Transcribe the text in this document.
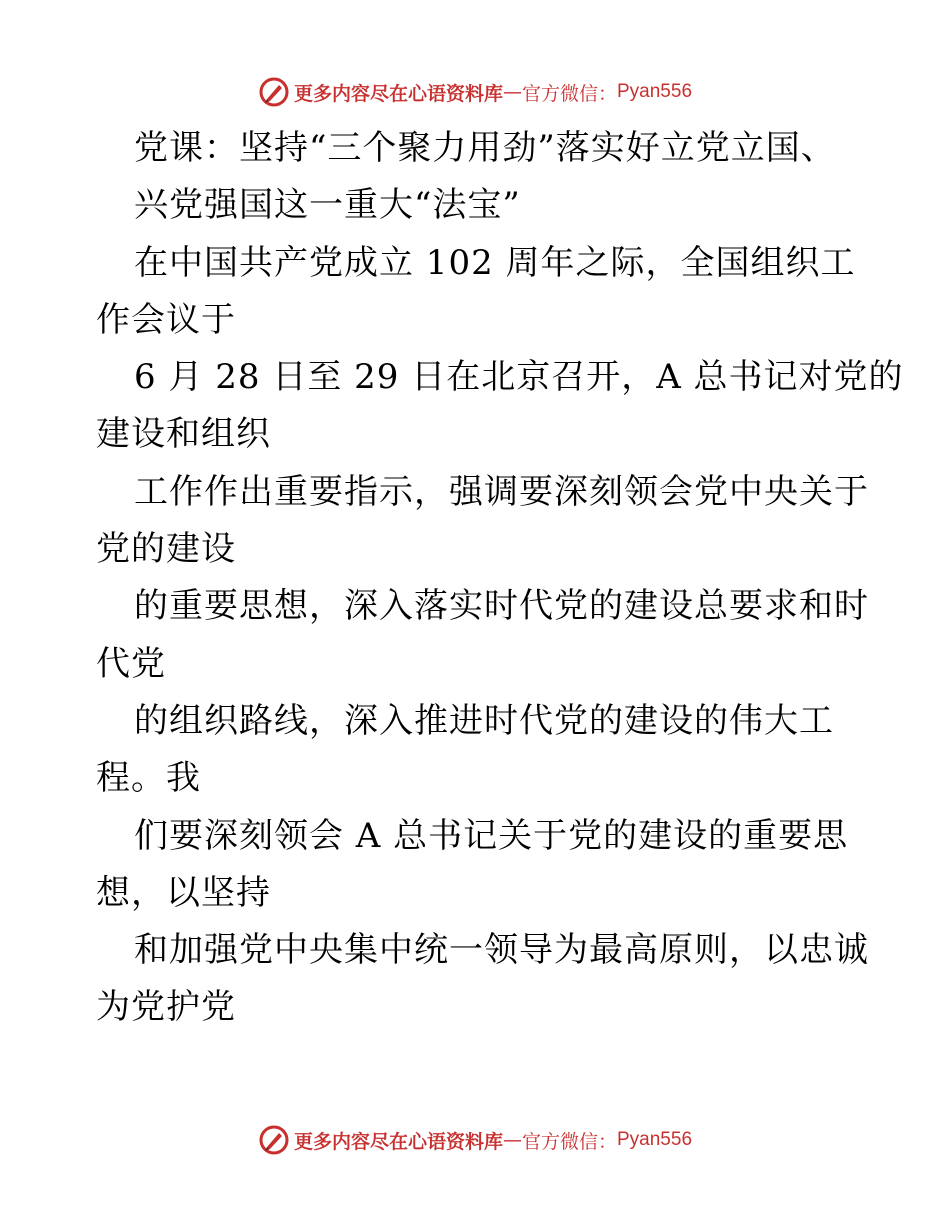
更多内容尽在心语资料库 — 官方微信： Pyan556
党课：坚持“三个聚力用劲”落实好立党立国、
兴党强国这一重大“法宝”
在中国共产党成立 102 周年之际，全国组织工
作会议于
6 月 28 日至 29 日在北京召开，A 总书记对党的
建设和组织
工作作出重要指示，强调要深刻领会党中央关于
党的建设
的重要思想，深入落实时代党的建设总要求和时
代党
的组织路线，深入推进时代党的建设的伟大工
程。我
们要深刻领会 A 总书记关于党的建设的重要思
想，以坚持
和加强党中央集中统一领导为最高原则，以忠诚
为党护党
更多内容尽在心语资料库 — 官方微信： Pyan556
